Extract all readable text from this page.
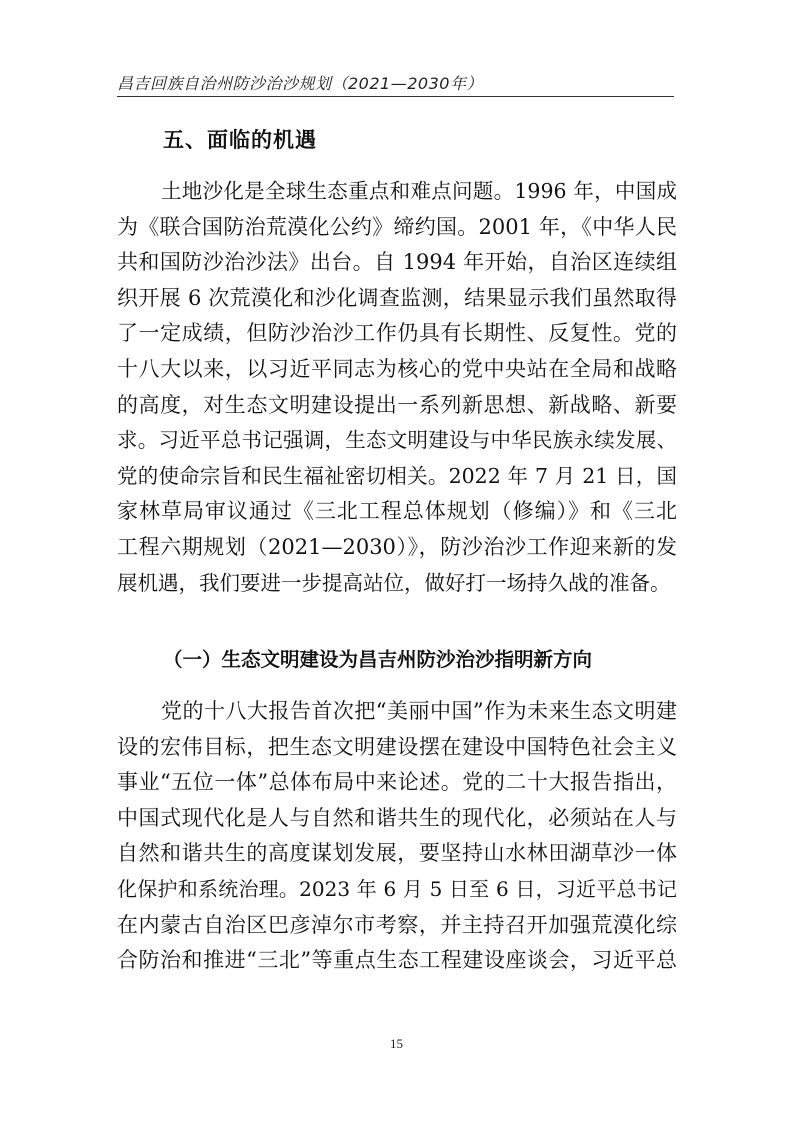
昌吉回族自治州防沙治沙规划（2021—2030年）
五、面临的机遇
土地沙化是全球生态重点和难点问题。1996 年，中国成
为《联合国防治荒漠化公约》缔约国。2001 年，《中华人民
共和国防沙治沙法》出台。自 1994 年开始，自治区连续组
织开展 6 次荒漠化和沙化调查监测，结果显示我们虽然取得
了一定成绩，但防沙治沙工作仍具有长期性、反复性。党的
十八大以来，以习近平同志为核心的党中央站在全局和战略
的高度，对生态文明建设提出一系列新思想、新战略、新要
求。习近平总书记强调，生态文明建设与中华民族永续发展、
党的使命宗旨和民生福祉密切相关。2022 年 7 月 21 日，国
家林草局审议通过《三北工程总体规划（修编）》和《三北
工程六期规划（2021—2030）》，防沙治沙工作迎来新的发
展机遇，我们要进一步提高站位，做好打一场持久战的准备。
（一）生态文明建设为昌吉州防沙治沙指明新方向
党的十八大报告首次把“美丽中国”作为未来生态文明建
设的宏伟目标，把生态文明建设摆在建设中国特色社会主义
事业“五位一体”总体布局中来论述。党的二十大报告指出，
中国式现代化是人与自然和谐共生的现代化，必须站在人与
自然和谐共生的高度谋划发展，要坚持山水林田湖草沙一体
化保护和系统治理。2023 年 6 月 5 日至 6 日，习近平总书记
在内蒙古自治区巴彦淖尔市考察，并主持召开加强荒漠化综
合防治和推进“三北”等重点生态工程建设座谈会，习近平总
15
